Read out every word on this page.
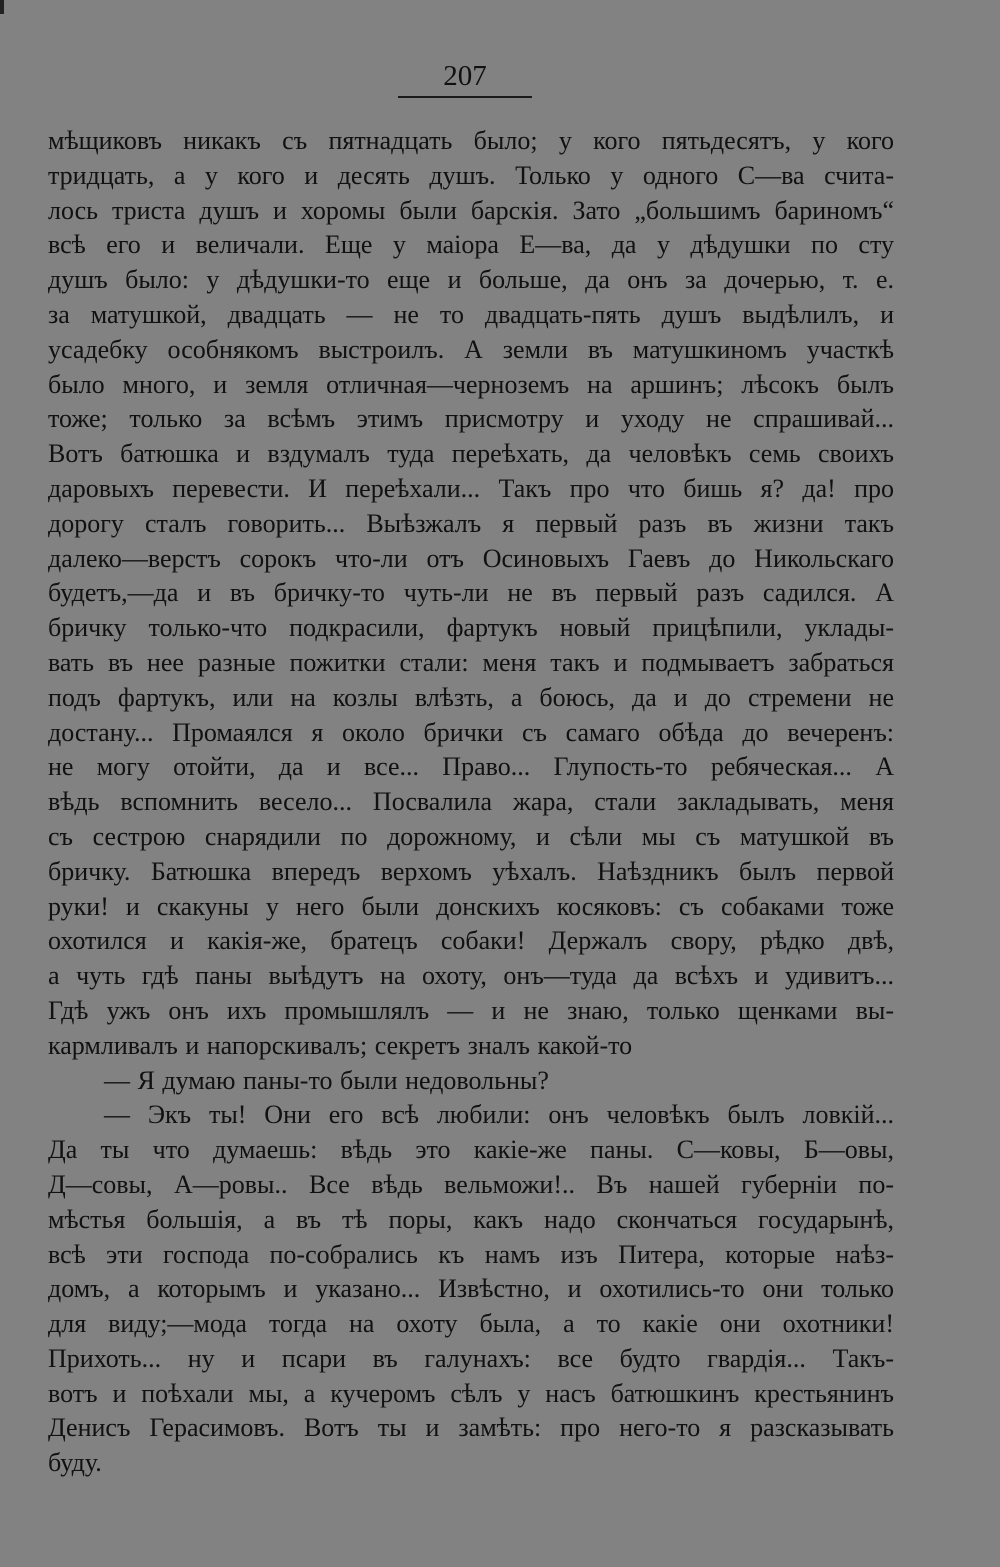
207
мѣщиковъ никакъ съ пятнадцать было; у кого пятьдесятъ, у кого
тридцать, а у кого и десять душъ. Только у одного С—ва счита-
лось триста душъ и хоромы были барскія. Зато „большимъ бариномъ“
всѣ его и величали. Еще у маiора Е—ва, да у дѣдушки по сту
душъ было: у дѣдушки-то еще и больше, да онъ за дочерью, т. е.
за матушкой, двадцать — не то двадцать-пять душъ выдѣлилъ, и
усадебку особнякомъ выстроилъ. А земли въ матушкиномъ участкѣ
было много, и земля отличная—черноземъ на аршинъ; лѣсокъ былъ
тоже; только за всѣмъ этимъ присмотру и уходу не спрашивай...
Вотъ батюшка и вздумалъ туда переѣхать, да человѣкъ семь своихъ
даровыхъ перевести. И переѣхали... Такъ про что бишь я? да! про
дорогу сталъ говорить... Выѣзжалъ я первый разъ въ жизни такъ
далеко—верстъ сорокъ что-ли отъ Осиновыхъ Гаевъ до Никольскаго
будетъ,—да и въ бричку-то чуть-ли не въ первый разъ садился. А
бричку только-что подкрасили, фартукъ новый прицѣпили, уклады-
вать въ нее разные пожитки стали: меня такъ и подмываетъ забраться
подъ фартукъ, или на козлы влѣзть, а боюсь, да и до стремени не
достану... Промаялся я около брички съ самаго обѣда до вечеренъ:
не могу отойти, да и все... Право... Глупость-то ребяческая... А
вѣдь вспомнить весело... Посвалила жара, стали закладывать, меня
съ сестрою снарядили по дорожному, и сѣли мы съ матушкой въ
бричку. Батюшка впередъ верхомъ уѣхалъ. Наѣздникъ былъ первой
руки! и скакуны у него были донскихъ косяковъ: съ собаками тоже
охотился и какія-же, братецъ собаки! Держалъ свору, рѣдко двѣ,
а чуть гдѣ паны выѣдутъ на охоту, онъ—туда да всѣхъ и удивитъ...
Гдѣ ужъ онъ ихъ промышлялъ — и не знаю, только щенками вы-
кармливалъ и напорскивалъ; секретъ зналъ какой-то
— Я думаю паны-то были недовольны?
— Экъ ты! Они его всѣ любили: онъ человѣкъ былъ ловкiй...
Да ты что думаешь: вѣдь это какiе-же паны. С—ковы, Б—овы,
Д—совы, А—ровы.. Все вѣдь вельможи!.. Въ нашей губерніи по-
мѣстья большiя, а въ тѣ поры, какъ надо скончаться государынѣ,
всѣ эти господа по-собрались къ намъ изъ Питера, которые наѣз-
домъ, а которымъ и указано... Извѣстно, и охотились-то они только
для виду;—мода тогда на охоту была, а то какiе они охотники!
Прихоть... ну и псари въ галунахъ: все будто гвардія... Такъ-
вотъ и поѣхали мы, а кучеромъ сѣлъ у насъ батюшкинъ крестьянинъ
Денисъ Герасимовъ. Вотъ ты и замѣть: про него-то я разсказывать
буду.
